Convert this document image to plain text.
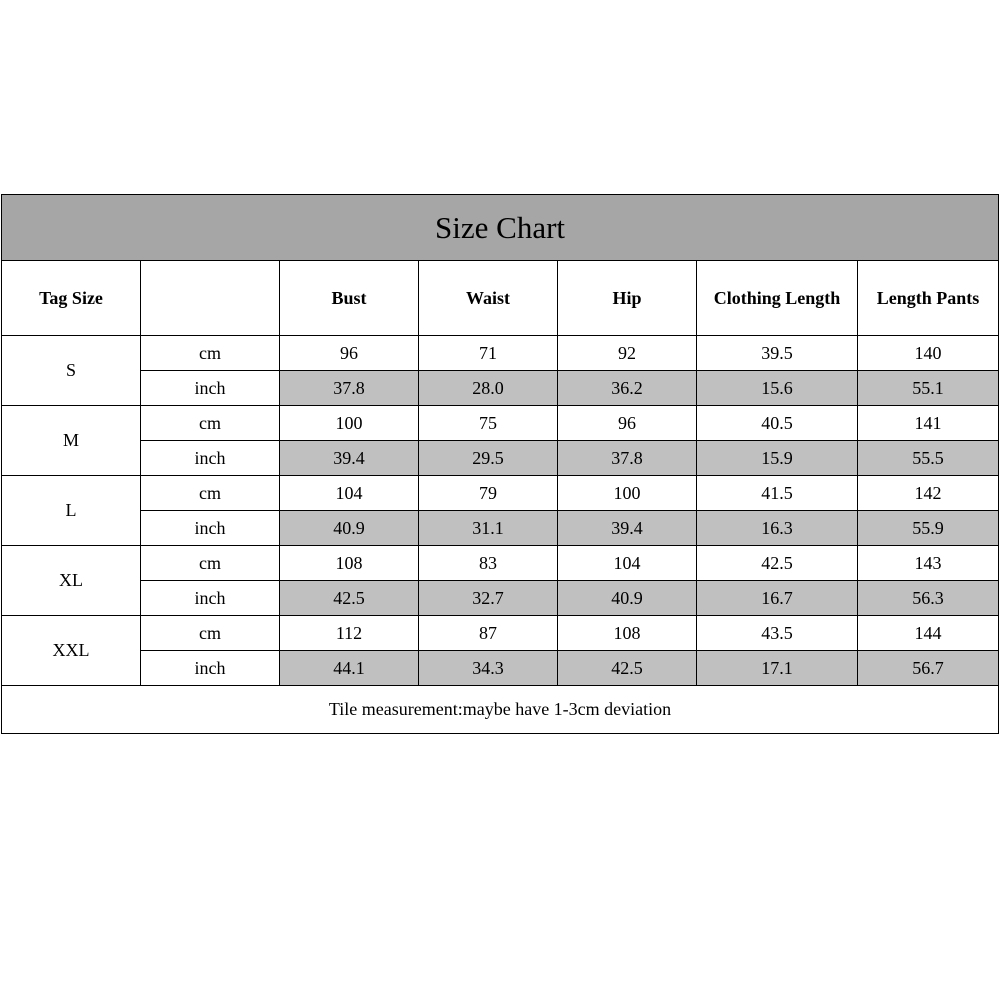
Size Chart						
Tag Size		Bust	Waist	Hip	Clothing Length	Length Pants
S	cm	96	71	92	39.5	140
	inch	37.8	28.0	36.2	15.6	55.1
M	cm	100	75	96	40.5	141
	inch	39.4	29.5	37.8	15.9	55.5
L	cm	104	79	100	41.5	142
	inch	40.9	31.1	39.4	16.3	55.9
XL	cm	108	83	104	42.5	143
	inch	42.5	32.7	40.9	16.7	56.3
XXL	cm	112	87	108	43.5	144
	inch	44.1	34.3	42.5	17.1	56.7
Tile measurement:maybe have 1-3cm deviation						
